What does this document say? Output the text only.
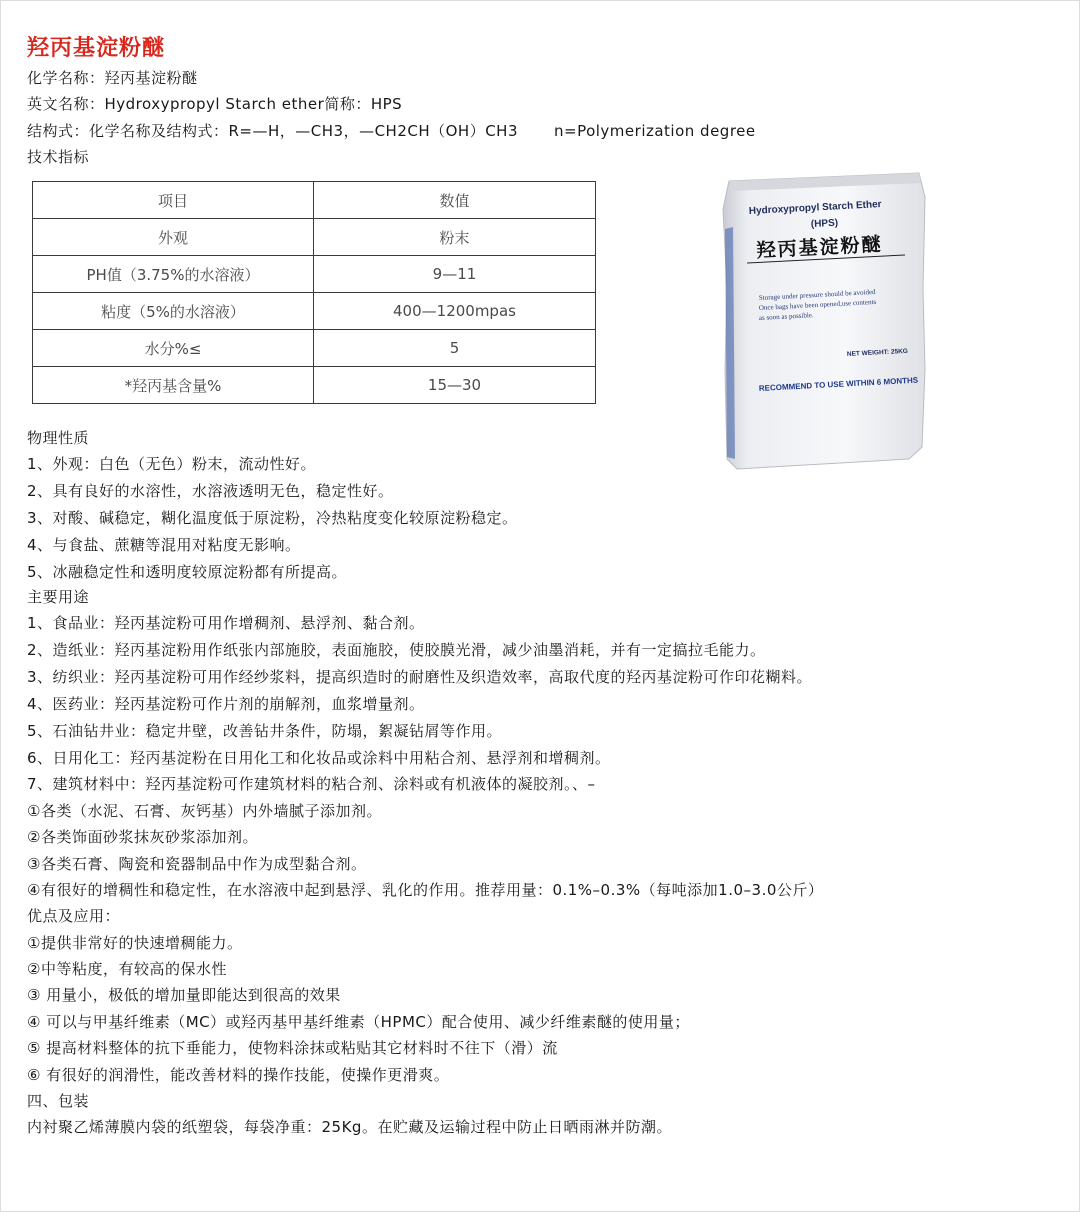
羟丙基淀粉醚
化学名称：羟丙基淀粉醚
英文名称：Hydroxypropyl Starch ether简称：HPS
结构式：化学名称及结构式：R=—H，—CH3，—CH2CH（OH）CH3 n=Polymerization degree
技术指标
项目	数值
外观	粉末
PH值（3.75%的水溶液）	9—11
粘度（5%的水溶液）	400—1200mpas
水分%≤	5
*羟丙基含量%	15—30
Hydroxypropyl Starch Ether
(HPS)
羟丙基淀粉醚
Storage under pressure should be avoided
Once bags have been opened,use contents
as soon as possible.
NET WEIGHT: 25KG
RECOMMEND TO USE WITHIN 6 MONTHS
物理性质
1、外观：白色（无色）粉末，流动性好。
2、具有良好的水溶性，水溶液透明无色，稳定性好。
3、对酸、碱稳定，糊化温度低于原淀粉，冷热粘度变化较原淀粉稳定。
4、与食盐、蔗糖等混用对粘度无影响。
5、冰融稳定性和透明度较原淀粉都有所提高。
主要用途
1、食品业：羟丙基淀粉可用作增稠剂、悬浮剂、黏合剂。
2、造纸业：羟丙基淀粉用作纸张内部施胶，表面施胶，使胶膜光滑，减少油墨消耗，并有一定搞拉毛能力。
3、纺织业：羟丙基淀粉可用作经纱浆料，提高织造时的耐磨性及织造效率，高取代度的羟丙基淀粉可作印花糊料。
4、医药业：羟丙基淀粉可作片剂的崩解剂，血浆增量剂。
5、石油钻井业：稳定井壁，改善钻井条件，防塌，絮凝钻屑等作用。
6、日用化工：羟丙基淀粉在日用化工和化妆品或涂料中用粘合剂、悬浮剂和增稠剂。
7、建筑材料中：羟丙基淀粉可作建筑材料的粘合剂、涂料或有机液体的凝胶剂。、–
①各类（水泥、石膏、灰钙基）内外墙腻子添加剂。
②各类饰面砂浆抹灰砂浆添加剂。
③各类石膏、陶瓷和瓷器制品中作为成型黏合剂。
④有很好的增稠性和稳定性，在水溶液中起到悬浮、乳化的作用。推荐用量：0.1%–0.3%（每吨添加1.0–3.0公斤）
优点及应用：
①提供非常好的快速增稠能力。
②中等粘度，有较高的保水性
③ 用量小，极低的增加量即能达到很高的效果
④ 可以与甲基纤维素（MC）或羟丙基甲基纤维素（HPMC）配合使用、减少纤维素醚的使用量；
⑤ 提高材料整体的抗下垂能力，使物料涂抹或粘贴其它材料时不往下（滑）流
⑥ 有很好的润滑性，能改善材料的操作技能，使操作更滑爽。
四、包装
内衬聚乙烯薄膜内袋的纸塑袋，每袋净重：25Kg。在贮藏及运输过程中防止日晒雨淋并防潮。
